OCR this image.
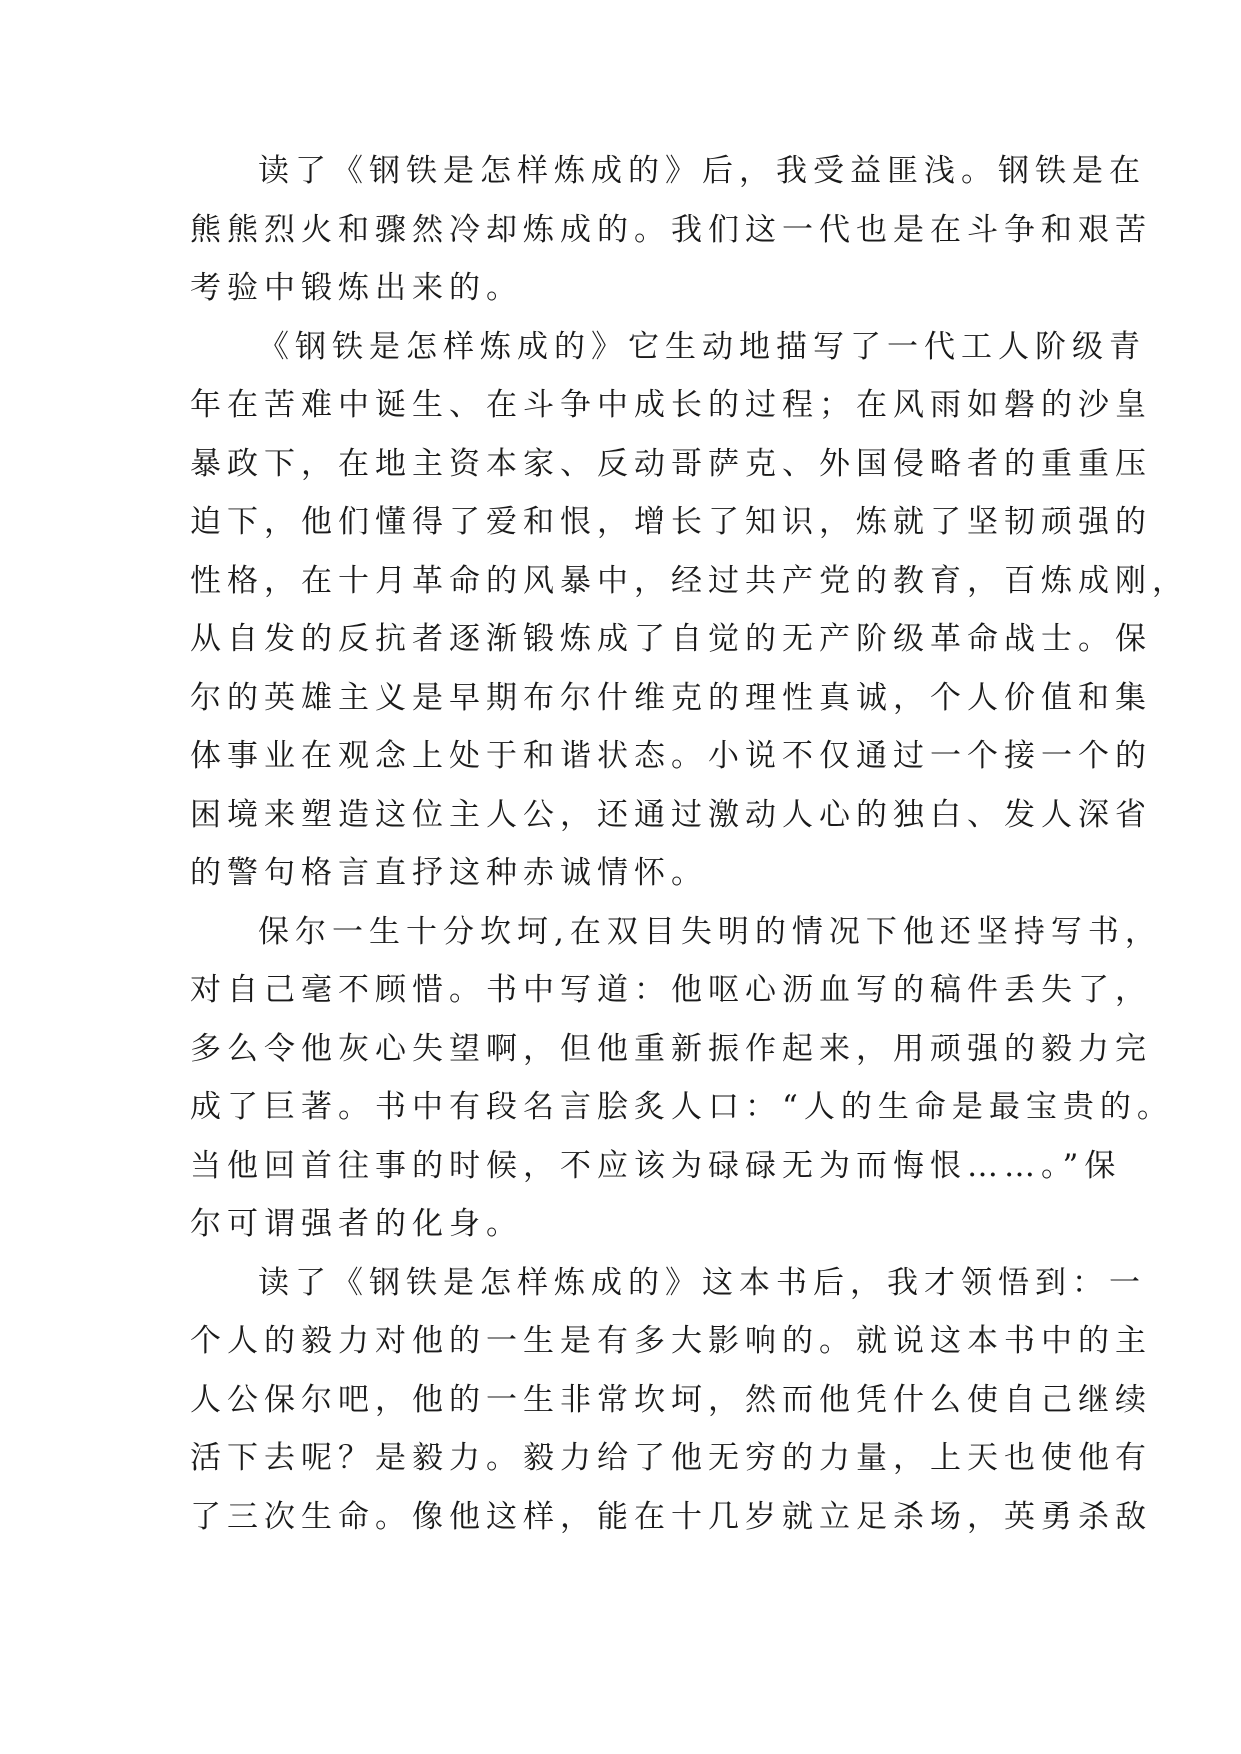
读了《钢铁是怎样炼成的》后，我受益匪浅。钢铁是在
熊熊烈火和骤然冷却炼成的。我们这一代也是在斗争和艰苦
考验中锻炼出来的。
《钢铁是怎样炼成的》它生动地描写了一代工人阶级青
年在苦难中诞生、在斗争中成长的过程；在风雨如磐的沙皇
暴政下，在地主资本家、反动哥萨克、外国侵略者的重重压
迫下，他们懂得了爱和恨，增长了知识，炼就了坚韧顽强的
性格，在十月革命的风暴中，经过共产党的教育，百炼成刚，
从自发的反抗者逐渐锻炼成了自觉的无产阶级革命战士。保
尔的英雄主义是早期布尔什维克的理性真诚，个人价值和集
体事业在观念上处于和谐状态。小说不仅通过一个接一个的
困境来塑造这位主人公，还通过激动人心的独白、发人深省
的警句格言直抒这种赤诚情怀。
保尔一生十分坎坷,在双目失明的情况下他还坚持写书，
对自己毫不顾惜。书中写道：他呕心沥血写的稿件丢失了，
多么令他灰心失望啊，但他重新振作起来，用顽强的毅力完
成了巨著。书中有段名言脍炙人口：“人的生命是最宝贵的。
当他回首往事的时候，不应该为碌碌无为而悔恨……。”保
尔可谓强者的化身。
读了《钢铁是怎样炼成的》这本书后，我才领悟到：一
个人的毅力对他的一生是有多大影响的。就说这本书中的主
人公保尔吧，他的一生非常坎坷，然而他凭什么使自己继续
活下去呢？是毅力。毅力给了他无穷的力量，上天也使他有
了三次生命。像他这样，能在十几岁就立足杀场，英勇杀敌
